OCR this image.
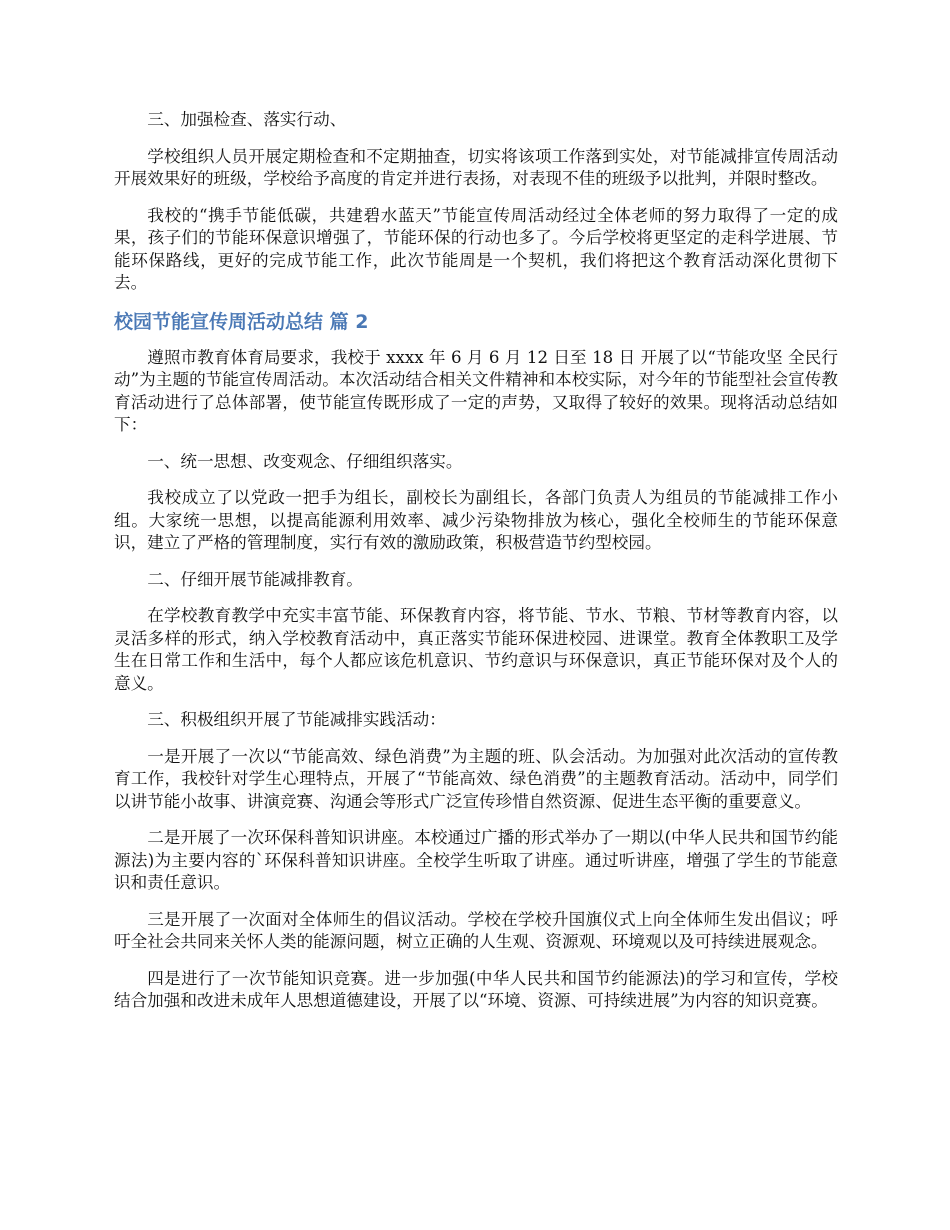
三、加强检查、落实行动、

学校组织人员开展定期检查和不定期抽查，切实将该项工作落到实处，对节能减排宣传周活动开展效果好的班级，学校给予高度的肯定并进行表扬，对表现不佳的班级予以批判，并限时整改。

我校的“携手节能低碳，共建碧水蓝天”节能宣传周活动经过全体老师的努力取得了一定的成果，孩子们的节能环保意识增强了，节能环保的行动也多了。今后学校将更坚定的走科学进展、节能环保路线，更好的完成节能工作，此次节能周是一个契机，我们将把这个教育活动深化贯彻下去。

校园节能宣传周活动总结 篇 2

遵照市教育体育局要求，我校于 xxxx 年 6 月 6 月 12 日至 18 日 开展了以“节能攻坚 全民行动”为主题的节能宣传周活动。本次活动结合相关文件精神和本校实际，对今年的节能型社会宣传教育活动进行了总体部署，使节能宣传既形成了一定的声势，又取得了较好的效果。现将活动总结如下：

一、统一思想、改变观念、仔细组织落实。

我校成立了以党政一把手为组长，副校长为副组长，各部门负责人为组员的节能减排工作小组。大家统一思想，以提高能源利用效率、减少污染物排放为核心，强化全校师生的节能环保意识，建立了严格的管理制度，实行有效的激励政策，积极营造节约型校园。

二、仔细开展节能减排教育。

在学校教育教学中充实丰富节能、环保教育内容，将节能、节水、节粮、节材等教育内容，以灵活多样的形式，纳入学校教育活动中，真正落实节能环保进校园、进课堂。教育全体教职工及学生在日常工作和生活中，每个人都应该危机意识、节约意识与环保意识，真正节能环保对及个人的意义。

三、积极组织开展了节能减排实践活动：

一是开展了一次以“节能高效、绿色消费”为主题的班、队会活动。为加强对此次活动的宣传教育工作，我校针对学生心理特点，开展了“节能高效、绿色消费”的主题教育活动。活动中，同学们以讲节能小故事、讲演竞赛、沟通会等形式广泛宣传珍惜自然资源、促进生态平衡的重要意义。

二是开展了一次环保科普知识讲座。本校通过广播的形式举办了一期以(中华人民共和国节约能源法)为主要内容的`环保科普知识讲座。全校学生听取了讲座。通过听讲座，增强了学生的节能意识和责任意识。

三是开展了一次面对全体师生的倡议活动。学校在学校升国旗仪式上向全体师生发出倡议；呼吁全社会共同来关怀人类的能源问题，树立正确的人生观、资源观、环境观以及可持续进展观念。

四是进行了一次节能知识竞赛。进一步加强(中华人民共和国节约能源法)的学习和宣传，学校结合加强和改进未成年人思想道德建设，开展了以“环境、资源、可持续进展”为内容的知识竞赛。
